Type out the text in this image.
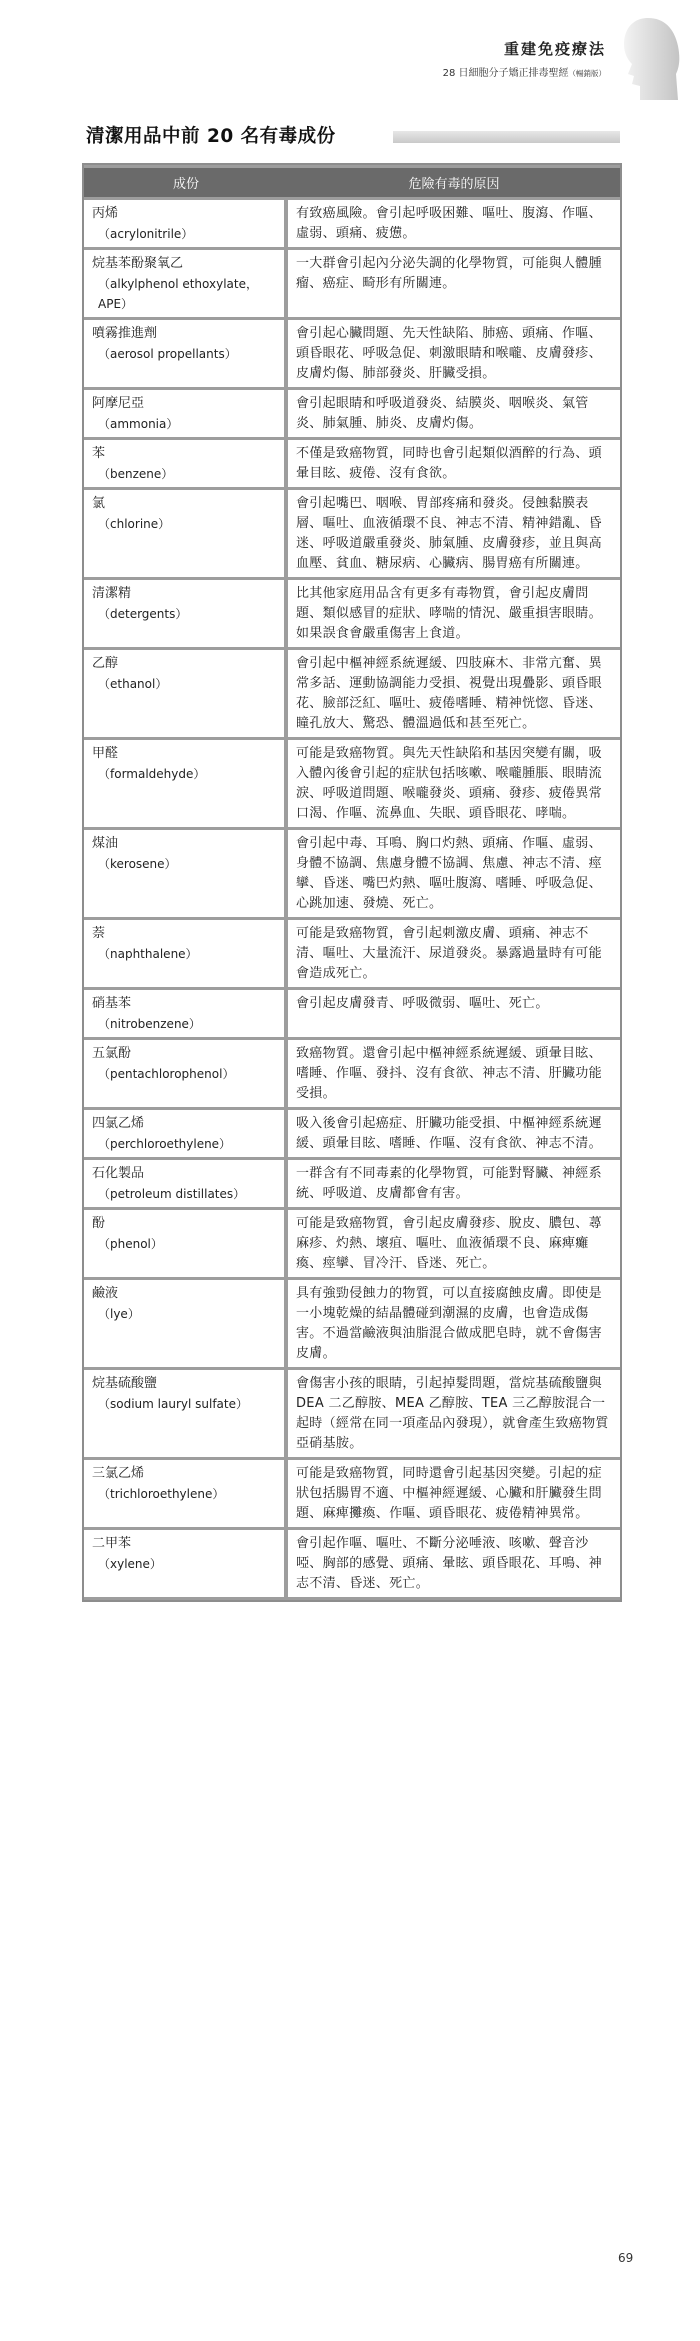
重建免疫療法
28 日細胞分子矯正排毒聖經（暢銷版）
清潔用品中前 20 名有毒成份
成份	危險有毒的原因
丙烯
（acrylonitrile）	有致癌風險。會引起呼吸困難、嘔吐、腹瀉、作嘔、虛弱、頭痛、疲憊。
烷基苯酚聚氧乙
（alkylphenol ethoxylate，APE）	一大群會引起內分泌失調的化學物質，可能與人體腫瘤、癌症、畸形有所關連。
噴霧推進劑
（aerosol propellants）	會引起心臟問題、先天性缺陷、肺癌、頭痛、作嘔、頭昏眼花、呼吸急促、刺激眼睛和喉嚨、皮膚發疹、皮膚灼傷、肺部發炎、肝臟受損。
阿摩尼亞
（ammonia）	會引起眼睛和呼吸道發炎、結膜炎、咽喉炎、氣管炎、肺氣腫、肺炎、皮膚灼傷。
苯
（benzene）	不僅是致癌物質，同時也會引起類似酒醉的行為、頭暈目眩、疲倦、沒有食欲。
氯
（chlorine）	會引起嘴巴、咽喉、胃部疼痛和發炎。侵蝕黏膜表層、嘔吐、血液循環不良、神志不清、精神錯亂、昏迷、呼吸道嚴重發炎、肺氣腫、皮膚發疹，並且與高血壓、貧血、糖尿病、心臟病、腸胃癌有所關連。
清潔精
（detergents）	比其他家庭用品含有更多有毒物質，會引起皮膚問題、類似感冒的症狀、哮喘的情況、嚴重損害眼睛。如果誤食會嚴重傷害上食道。
乙醇
（ethanol）	會引起中樞神經系統遲緩、四肢麻木、非常亢奮、異常多話、運動協調能力受損、視覺出現疊影、頭昏眼花、臉部泛紅、嘔吐、疲倦嗜睡、精神恍惚、昏迷、瞳孔放大、驚恐、體溫過低和甚至死亡。
甲醛
（formaldehyde）	可能是致癌物質。與先天性缺陷和基因突變有關，吸入體內後會引起的症狀包括咳嗽、喉嚨腫脹、眼睛流淚、呼吸道問題、喉嚨發炎、頭痛、發疹、疲倦異常口渴、作嘔、流鼻血、失眠、頭昏眼花、哮喘。
煤油
（kerosene）	會引起中毒、耳鳴、胸口灼熱、頭痛、作嘔、虛弱、身體不協調、焦慮身體不協調、焦慮、神志不清、痙攣、昏迷、嘴巴灼熱、嘔吐腹瀉、嗜睡、呼吸急促、心跳加速、發燒、死亡。
萘
（naphthalene）	可能是致癌物質，會引起刺激皮膚、頭痛、神志不清、嘔吐、大量流汗、尿道發炎。暴露過量時有可能會造成死亡。
硝基苯
（nitrobenzene）	會引起皮膚發青、呼吸微弱、嘔吐、死亡。
五氯酚
（pentachlorophenol）	致癌物質。還會引起中樞神經系統遲緩、頭暈目眩、嗜睡、作嘔、發抖、沒有食欲、神志不清、肝臟功能受損。
四氯乙烯
（perchloroethylene）	吸入後會引起癌症、肝臟功能受損、中樞神經系統遲緩、頭暈目眩、嗜睡、作嘔、沒有食欲、神志不清。
石化製品
（petroleum distillates）	一群含有不同毒素的化學物質，可能對腎臟、神經系統、呼吸道、皮膚都會有害。
酚
（phenol）	可能是致癌物質，會引起皮膚發疹、脫皮、膿包、蕁麻疹、灼熱、壞疽、嘔吐、血液循環不良、麻痺癱瘓、痙攣、冒冷汗、昏迷、死亡。
鹼液
（lye）	具有強勁侵蝕力的物質，可以直接腐蝕皮膚。即使是一小塊乾燥的結晶體碰到潮濕的皮膚，也會造成傷害。不過當鹼液與油脂混合做成肥皂時，就不會傷害皮膚。
烷基硫酸鹽
（sodium lauryl sulfate）	會傷害小孩的眼睛，引起掉髮問題，當烷基硫酸鹽與 DEA 二乙醇胺、MEA 乙醇胺、TEA 三乙醇胺混合一起時（經常在同一項產品內發現），就會產生致癌物質亞硝基胺。
三氯乙烯
（trichloroethylene）	可能是致癌物質，同時還會引起基因突變。引起的症狀包括腸胃不適、中樞神經遲緩、心臟和肝臟發生問題、麻痺攤瘓、作嘔、頭昏眼花、疲倦精神異常。
二甲苯
（xylene）	會引起作嘔、嘔吐、不斷分泌唾液、咳嗽、聲音沙啞、胸部的感覺、頭痛、暈眩、頭昏眼花、耳鳴、神志不清、昏迷、死亡。
69
